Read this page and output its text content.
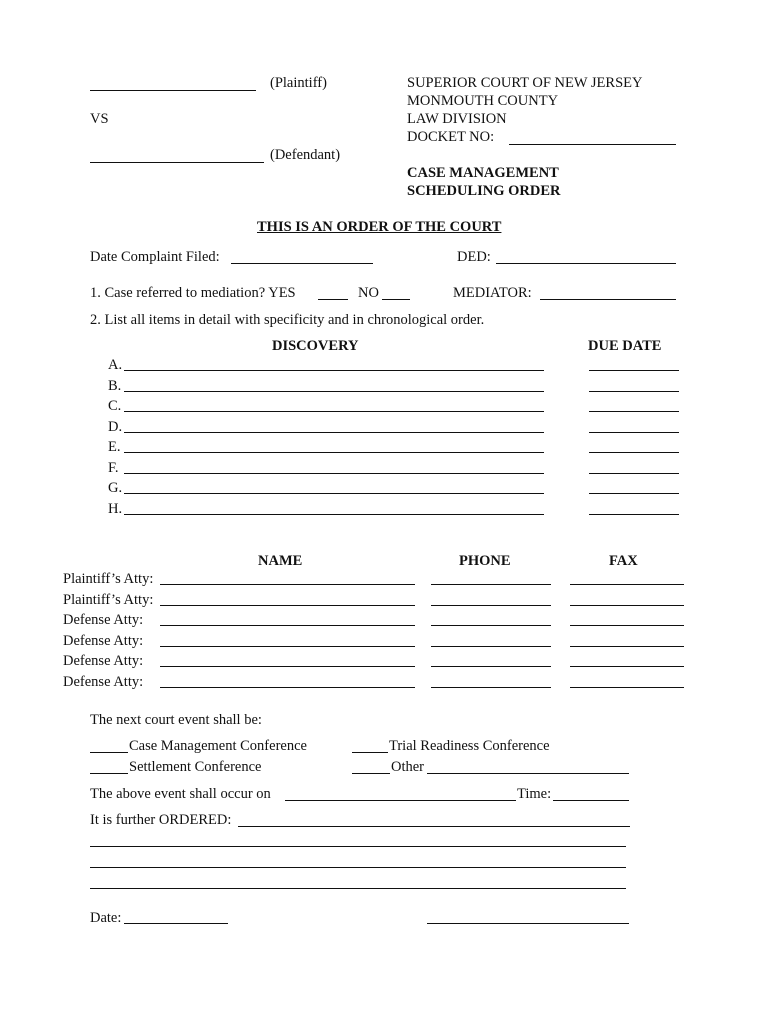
(Plaintiff)
VS
(Defendant)
SUPERIOR COURT OF NEW JERSEY
MONMOUTH COUNTY
LAW DIVISION
DOCKET NO:
CASE MANAGEMENT
SCHEDULING ORDER
THIS IS AN ORDER OF THE COURT
Date Complaint Filed:	DED:
1. Case referred to mediation? YES	NO	MEDIATOR:
2. List all items in detail with specificity and in chronological order.
DISCOVERY	DUE DATE
A.
B.
C.
D.
E.
F.
G.
H.
NAME	PHONE	FAX
Plaintiff’s Atty:
Plaintiff’s Atty:
Defense Atty:
Defense Atty:
Defense Atty:
Defense Atty:
The next court event shall be:
Case Management Conference	Trial Readiness Conference
Settlement Conference	Other
The above event shall occur on	Time:
It is further ORDERED:
Date:
